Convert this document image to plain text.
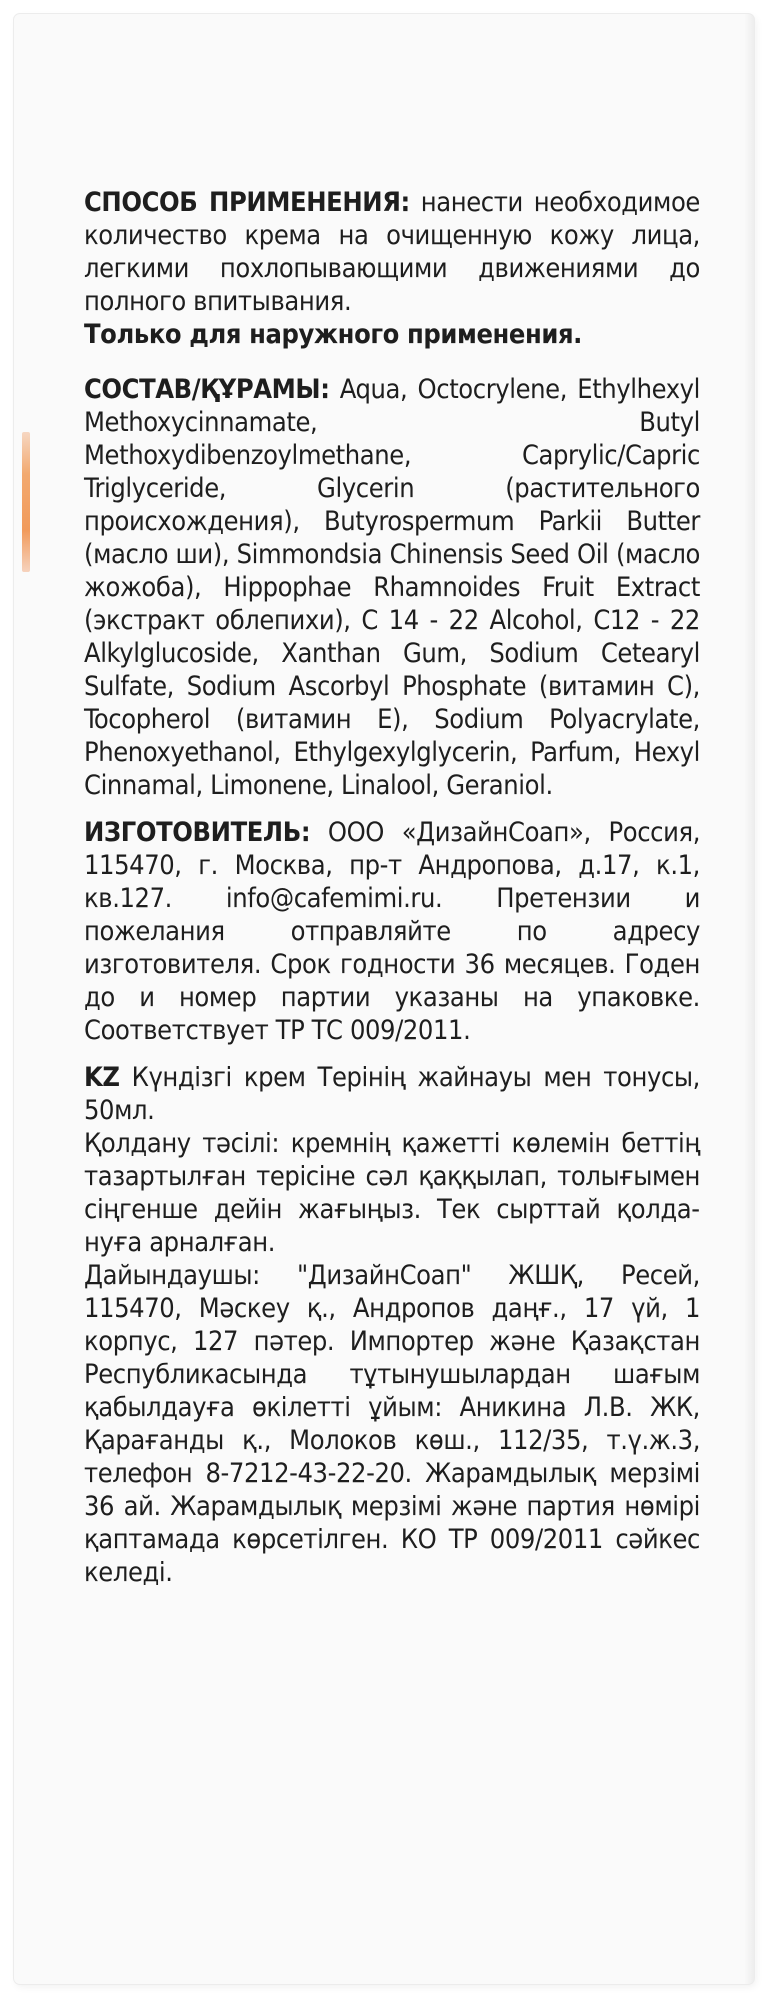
СПОСОБ ПРИМЕНЕНИЯ: нанести необходимое количество крема на очищенную кожу лица, легкими похлопывающими движениями до полного впитывания.

Только для наружного применения.

СОСТАВ/ҚҰРАМЫ: Aqua, Octocrylene, Ethylhexyl Methoxycinnamate, Butyl Methoxydibenzoylmethane, Caprylic/Capric Triglyceride, Glycerin (растительного происхождения), Butyrospermum Parkii Butter (масло ши), Simmondsia Chinensis Seed Oil (масло жожоба), Hippophae Rhamnoides Fruit Extract (экстракт облепихи), C 14 - 22 Alcohol, C12 - 22 Alkylglucoside, Xanthan Gum, Sodium Cetearyl Sulfate, Sodium Ascorbyl Phosphate (витамин C), Tocopherol (витамин E), Sodium Polyacrylate, Phenoxyethanol, Ethylgexylglycerin, Parfum, Hexyl Cinnamal, Limonene, Linalool, Geraniol.

ИЗГОТОВИТЕЛЬ: ООО «ДизайнСоап», Россия, 115470, г. Москва, пр-т Андропова, д.17, к.1, кв.127. info@cafemimi.ru. Претензии и пожелания отправляйте по адресу изготовителя. Срок годности 36 месяцев. Годен до и номер партии указаны на упаковке. Соответствует ТР ТС 009/2011.

KZ Күндізгі крем Терінің жайнауы мен тонусы, 50мл.

Қолдану тәсілі: кремнің қажетті көлемін беттің тазартылған терісіне сәл қаққылап, толығымен сіңгенше дейін жағыңыз. Тек сырттай қолдануға арналған.

Дайындаушы: "ДизайнСоап" ЖШҚ, Ресей, 115470, Мәскеу қ., Андропов даңғ., 17 үй, 1 корпус, 127 пәтер. Импортер және Қазақстан Республикасында тұтынушылардан шағым қабылдауға өкілетті ұйым: Аникина Л.В. ЖК, Қарағанды қ., Молоков көш., 112/35, т.ү.ж.3, телефон 8-7212-43-22-20. Жарамдылық мерзімі 36 ай. Жарамдылық мерзімі және партия нөмірі қаптамада көрсетілген. КО ТР 009/2011 сәйкес келеді.
